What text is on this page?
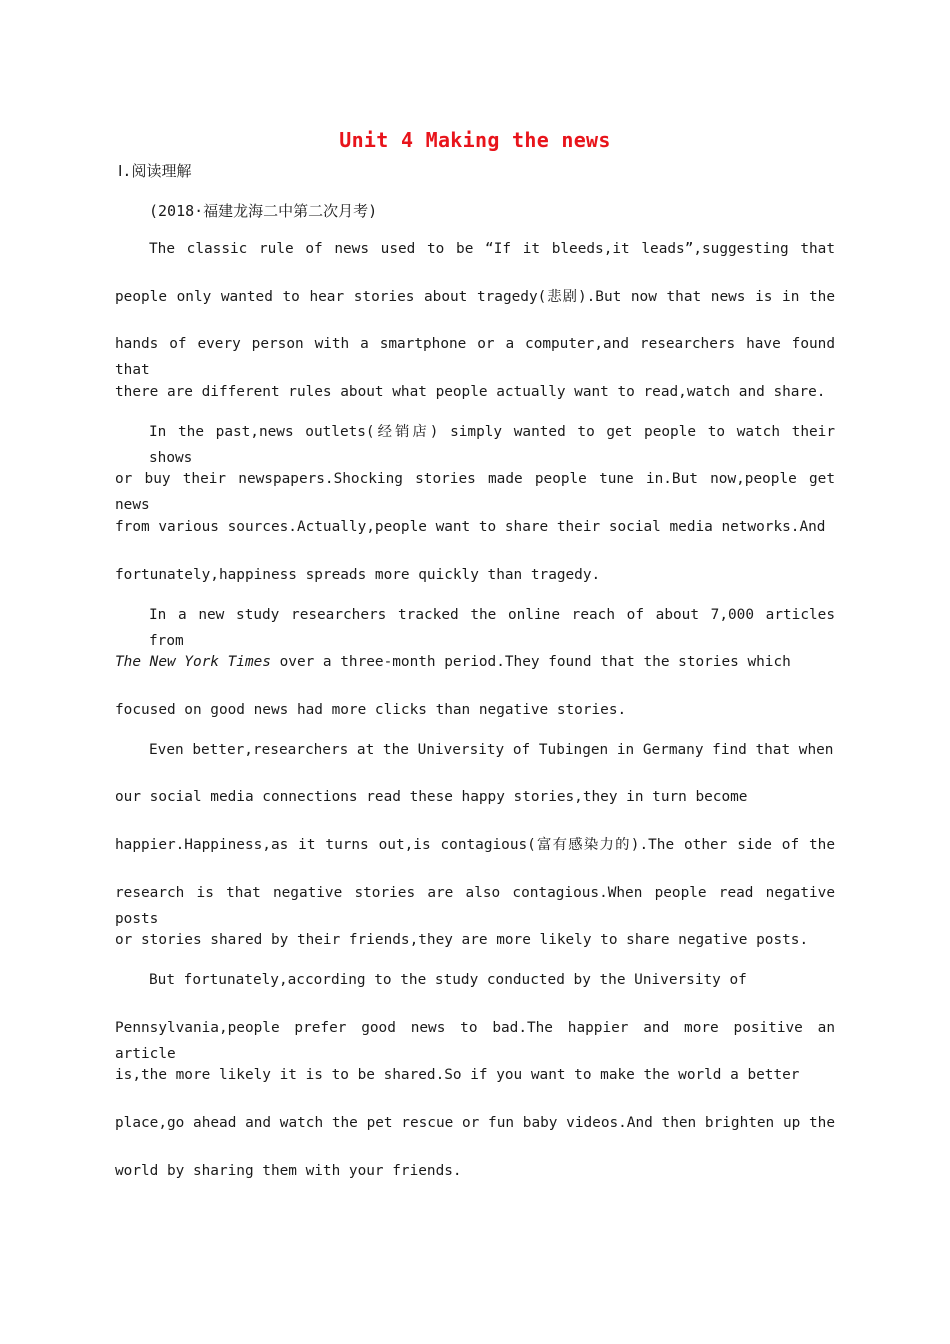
Unit 4 Making the news
Ⅰ.阅读理解
(2018·福建龙海二中第二次月考)
The classic rule of news used to be “If it bleeds,it leads”,suggesting that
people only wanted to hear stories about tragedy(悲剧).But now that news is in the
hands of every person with a smartphone or a computer,and researchers have found that
there are different rules about what people actually want to read,watch and share.
In the past,news outlets(经销店) simply wanted to get people to watch their shows
or buy their newspapers.Shocking stories made people tune in.But now,people get news
from various sources.Actually,people want to share their social media networks.And
fortunately,happiness spreads more quickly than tragedy.
In a new study researchers tracked the online reach of about 7,000 articles from
The New York Times over a three-month period.They found that the stories which
focused on good news had more clicks than negative stories.
Even better,researchers at the University of Tubingen in Germany find that when
our social media connections read these happy stories,they in turn become
happier.Happiness,as it turns out,is contagious(富有感染力的).The other side of the
research is that negative stories are also contagious.When people read negative posts
or stories shared by their friends,they are more likely to share negative posts.
But fortunately,according to the study conducted by the University of
Pennsylvania,people prefer good news to bad.The happier and more positive an article
is,the more likely it is to be shared.So if you want to make the world a better
place,go ahead and watch the pet rescue or fun baby videos.And then brighten up the
world by sharing them with your friends.
